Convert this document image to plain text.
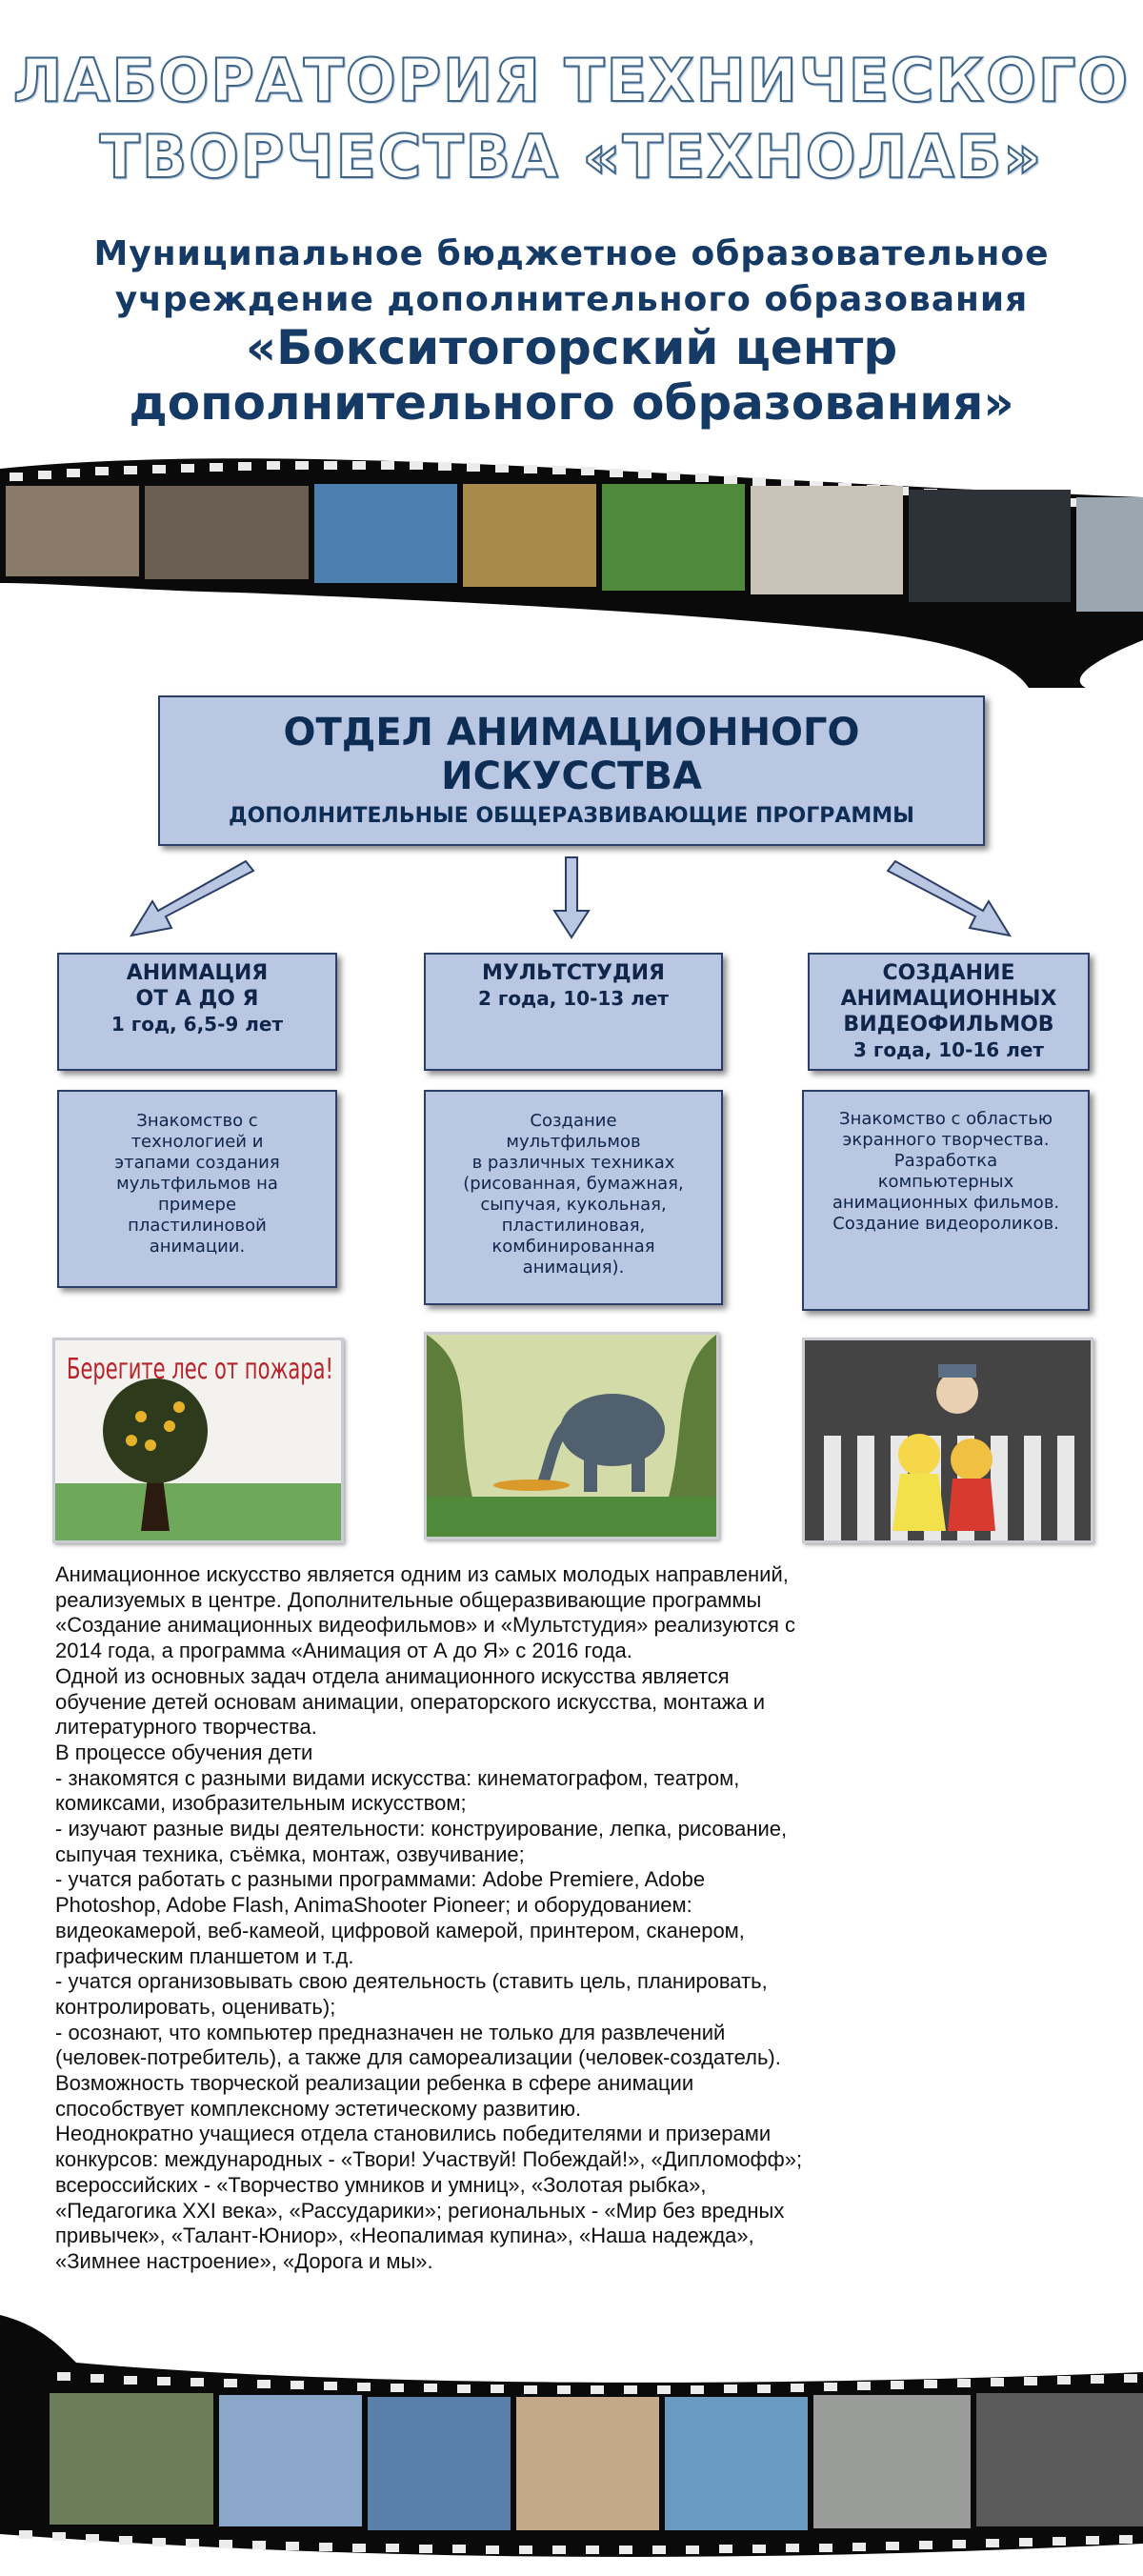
ЛАБОРАТОРИЯ ТЕХНИЧЕСКОГО
ТВОРЧЕСТВА «ТЕХНОЛАБ»
Муниципальное бюджетное образовательное
учреждение дополнительного образования
«Бокситогорский центр
дополнительного образования»
ОТДЕЛ АНИМАЦИОННОГО
ИСКУССТВА
ДОПОЛНИТЕЛЬНЫЕ ОБЩЕРАЗВИВАЮЩИЕ ПРОГРАММЫ
АНИМАЦИЯ
ОТ А ДО Я
1 год, 6,5-9 лет
МУЛЬТСТУДИЯ
2 года, 10-13 лет
СОЗДАНИЕ
АНИМАЦИОННЫХ
ВИДЕОФИЛЬМОВ
3 года, 10-16 лет
Знакомство с
технологией и
этапами создания
мультфильмов на
примере
пластилиновой
анимации.
Создание
мультфильмов
в различных техниках
(рисованная, бумажная,
сыпучая, кукольная,
пластилиновая,
комбинированная
анимация).
Знакомство с областью
экранного творчества.
Разработка
компьютерных
анимационных фильмов.
Создание видеороликов.
Берегите лес от пожара!

Анимационное искусство является одним из самых молодых направлений,

реализуемых в центре. Дополнительные общеразвивающие программы

«Создание анимационных видеофильмов» и «Мультстудия» реализуются с

2014 года, а программа «Анимация от А до Я» с 2016 года.

Одной из основных задач отдела анимационного искусства является

обучение детей основам анимации, операторского искусства, монтажа и

литературного творчества.

В процессе обучения дети

- знакомятся с разными видами искусства: кинематографом, театром,

комиксами, изобразительным искусством;

- изучают разные виды деятельности: конструирование, лепка, рисование,

сыпучая техника, съёмка, монтаж, озвучивание;

- учатся работать с разными программами: Adobe Premiere, Adobe

Photoshop, Adobe Flash, AnimaShooter Pioneer; и оборудованием:

видеокамерой, веб-камеой, цифровой камерой, принтером, сканером,

графическим планшетом и т.д.

- учатся организовывать свою деятельность (ставить цель, планировать,

контролировать, оценивать);

- осознают, что компьютер предназначен не только для развлечений

(человек-потребитель), а также для самореализации (человек-создатель).

Возможность творческой реализации ребенка в сфере анимации

способствует комплексному эстетическому развитию.

Неоднократно учащиеся отдела становились победителями и призерами

конкурсов: международных - «Твори! Участвуй! Побеждай!», «Дипломофф»;

всероссийских - «Творчество умников и умниц», «Золотая рыбка»,

«Педагогика XXI века», «Рассударики»; региональных - «Мир без вредных

привычек», «Талант-Юниор», «Неопалимая купина», «Наша надежда»,

«Зимнее настроение», «Дорога и мы».
